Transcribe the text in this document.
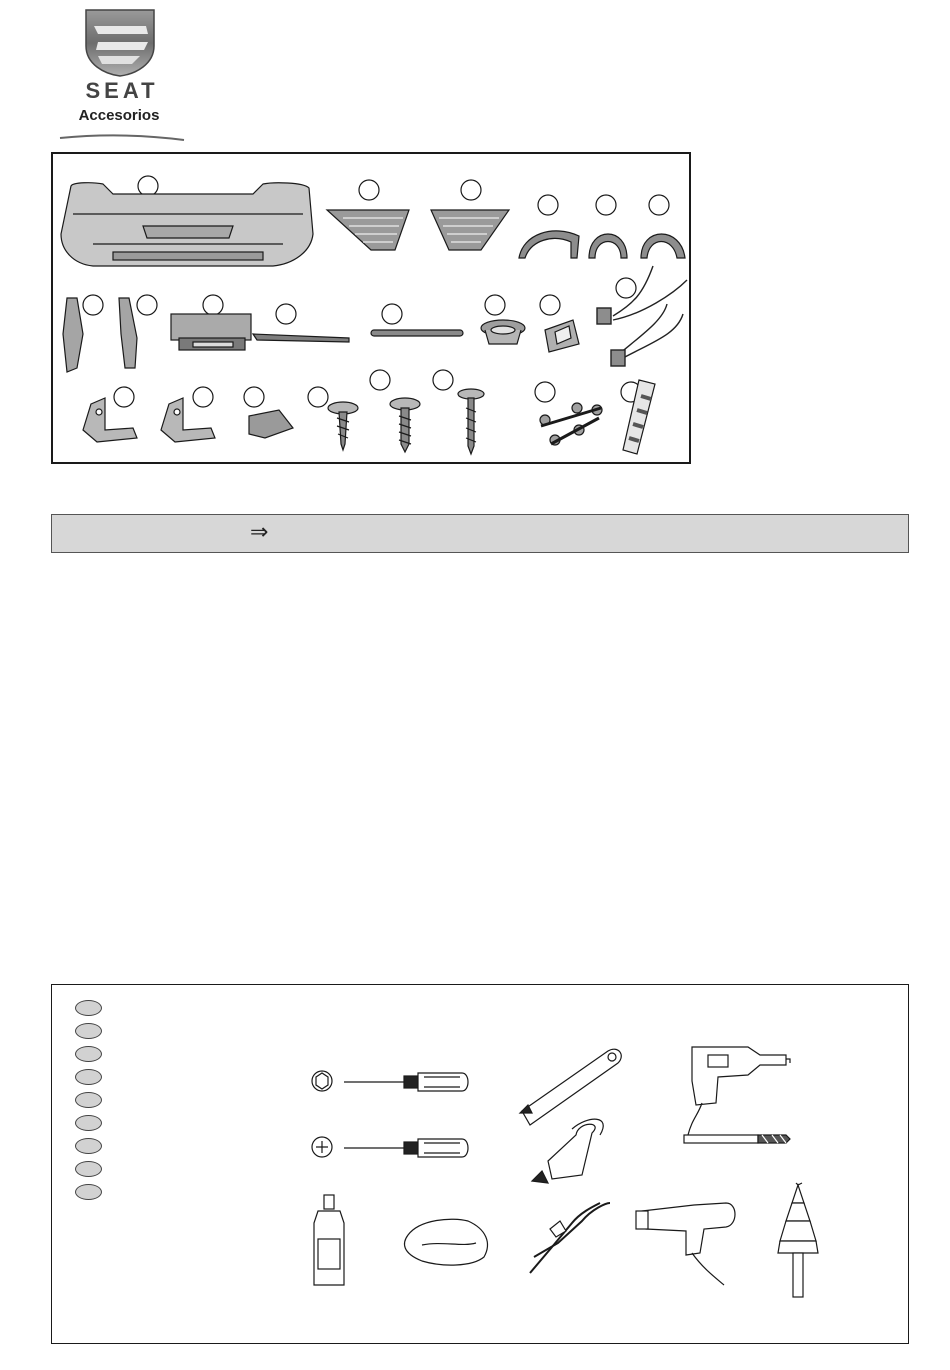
SEAT
Accesorios
⇒
